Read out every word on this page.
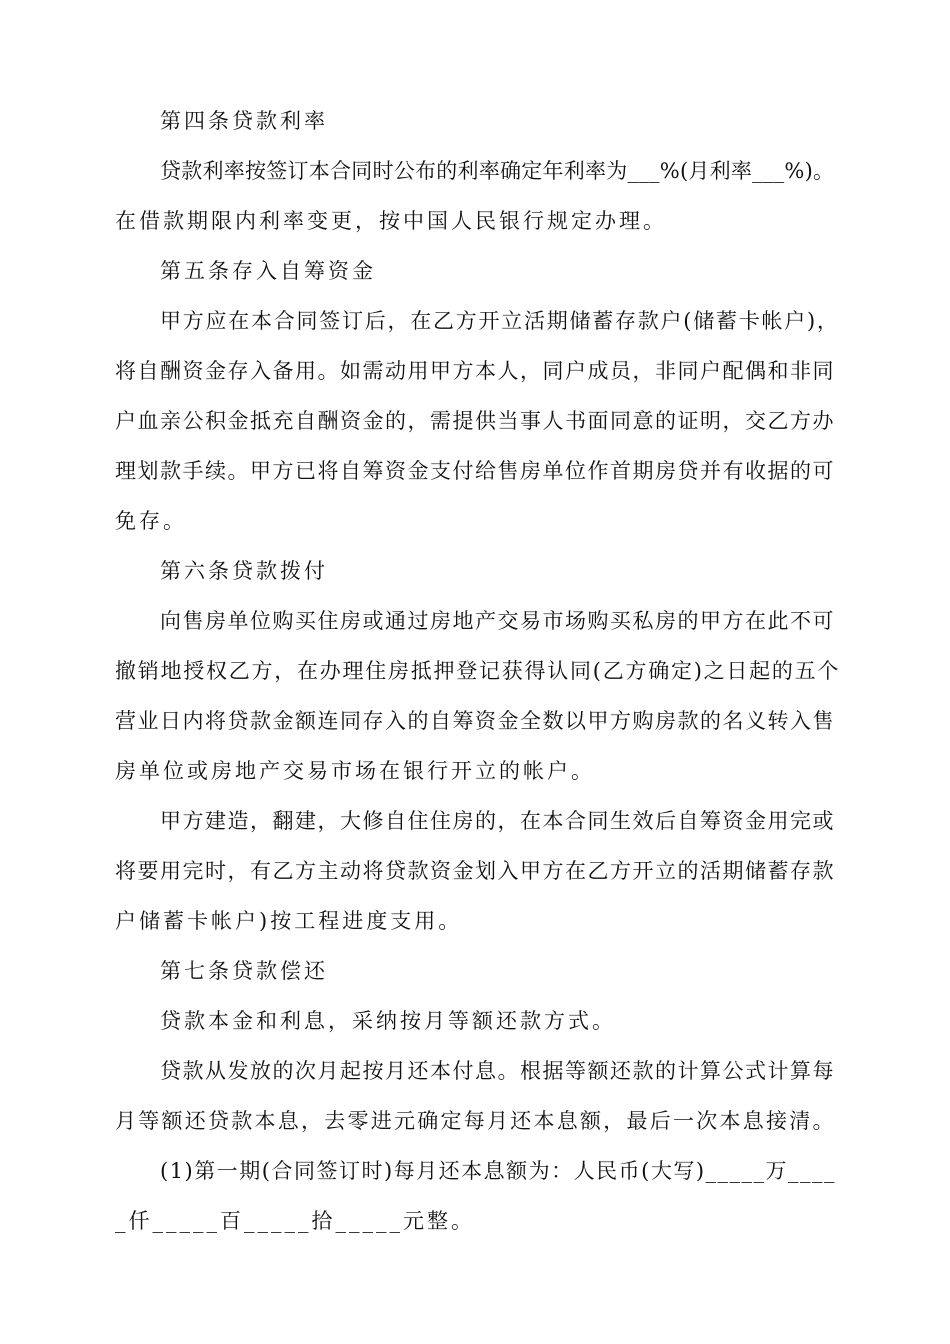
第四条贷款利率
贷款利率按签订本合同时公布的利率确定年利率为___%(月利率___%)。
在借款期限内利率变更，按中国人民银行规定办理。
第五条存入自筹资金
甲方应在本合同签订后，在乙方开立活期储蓄存款户(储蓄卡帐户)，
将自酬资金存入备用。如需动用甲方本人，同户成员，非同户配偶和非同
户血亲公积金抵充自酬资金的，需提供当事人书面同意的证明，交乙方办
理划款手续。甲方已将自筹资金支付给售房单位作首期房贷并有收据的可
免存。
第六条贷款拨付
向售房单位购买住房或通过房地产交易市场购买私房的甲方在此不可
撤销地授权乙方，在办理住房抵押登记获得认同(乙方确定)之日起的五个
营业日内将贷款金额连同存入的自筹资金全数以甲方购房款的名义转入售
房单位或房地产交易市场在银行开立的帐户。
甲方建造，翻建，大修自住住房的，在本合同生效后自筹资金用完或
将要用完时，有乙方主动将贷款资金划入甲方在乙方开立的活期储蓄存款
户储蓄卡帐户)按工程进度支用。
第七条贷款偿还
贷款本金和利息，采纳按月等额还款方式。
贷款从发放的次月起按月还本付息。根据等额还款的计算公式计算每
月等额还贷款本息，去零进元确定每月还本息额，最后一次本息接清。
(1)第一期(合同签订时)每月还本息额为：人民币(大写)_____万____
_仟_____百_____拾_____元整。
